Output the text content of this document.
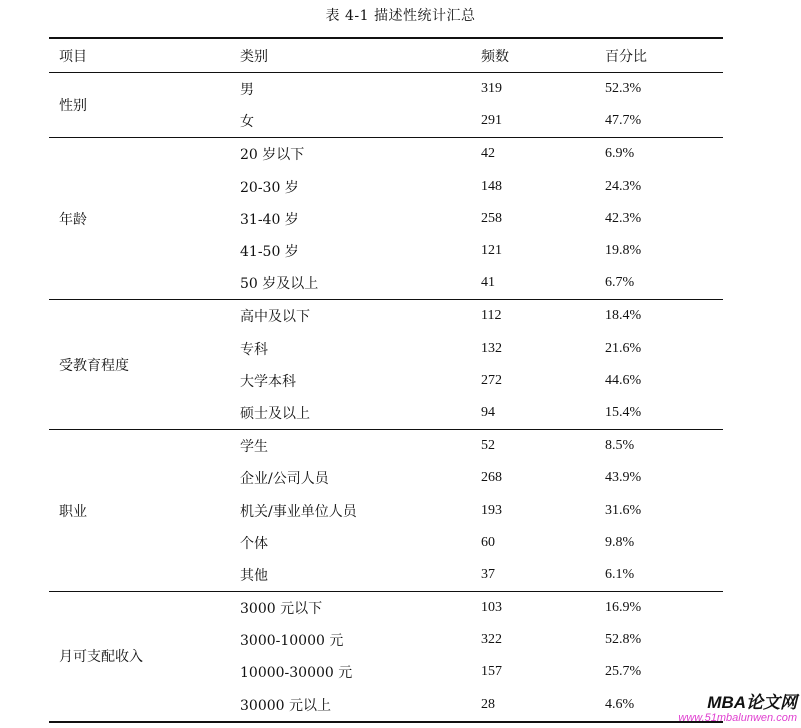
表 4-1 描述性统计汇总
项目	类别	频数	百分比
性别	男	319	52.3%
	女	291	47.7%
年龄	20 岁以下	42	6.9%
	20-30 岁	148	24.3%
	31-40 岁	258	42.3%
	41-50 岁	121	19.8%
	50 岁及以上	41	6.7%
受教育程度	高中及以下	112	18.4%
	专科	132	21.6%
	大学本科	272	44.6%
	硕士及以上	94	15.4%
职业	学生	52	8.5%
	企业/公司人员	268	43.9%
	机关/事业单位人员	193	31.6%
	个体	60	9.8%
	其他	37	6.1%
月可支配收入	3000 元以下	103	16.9%
	3000-10000 元	322	52.8%
	10000-30000 元	157	25.7%
	30000 元以上	28	4.6%	MBA论文网
www.51mbalunwen.com
